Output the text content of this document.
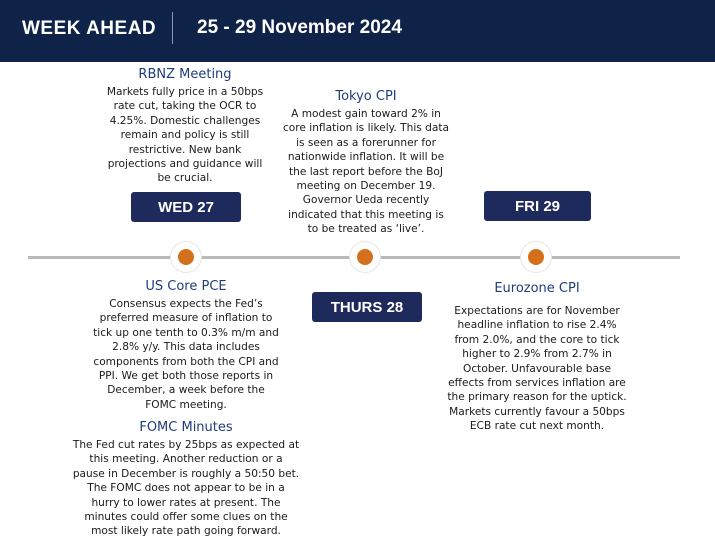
WEEK AHEAD 25 - 29 November 2024
WED 27
THURS 28
FRI 29
RBNZ Meeting
Markets fully price in a 50bps rate cut, taking the OCR to 4.25%. Domestic challenges remain and policy is still restrictive. New bank projections and guidance will be crucial.
Tokyo CPI
A modest gain toward 2% in core inflation is likely. This data is seen as a forerunner for nationwide inflation. It will be the last report before the BoJ meeting on December 19. Governor Ueda recently indicated that this meeting is to be treated as ‘live’.
US Core PCE
Consensus expects the Fed’s preferred measure of inflation to tick up one tenth to 0.3% m/m and 2.8% y/y. This data includes components from both the CPI and PPI. We get both those reports in December, a week before the FOMC meeting.
FOMC Minutes
The Fed cut rates by 25bps as expected at this meeting. Another reduction or a pause in December is roughly a 50:50 bet. The FOMC does not appear to be in a hurry to lower rates at present. The minutes could offer some clues on the most likely rate path going forward.
Eurozone CPI
Expectations are for November headline inflation to rise 2.4% from 2.0%, and the core to tick higher to 2.9% from 2.7% in October. Unfavourable base effects from services inflation are the primary reason for the uptick. Markets currently favour a 50bps ECB rate cut next month.
